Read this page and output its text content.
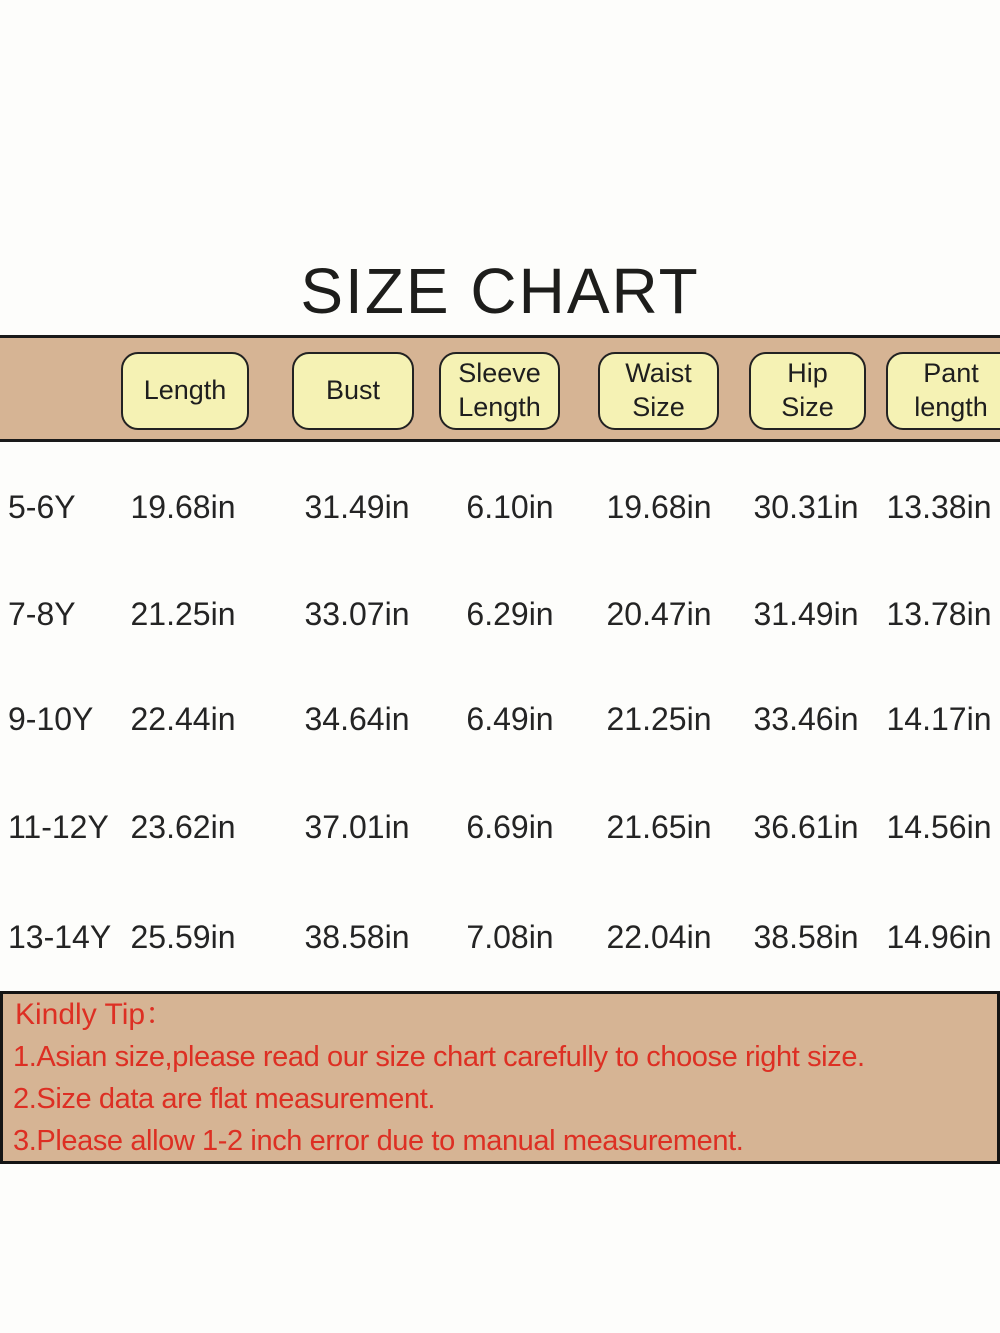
SIZE CHART
Length	Bust
Sleeve
Length
Waist
Size
Hip
Size
Pant
length
5-6Y 19.68in 31.49in 6.10in 19.68in 30.31in 13.38in
7-8Y 21.25in 33.07in 6.29in 20.47in 31.49in 13.78in
9-10Y 22.44in 34.64in 6.49in 21.25in 33.46in 14.17in
11-12Y 23.62in 37.01in 6.69in 21.65in 36.61in 14.56in
13-14Y 25.59in 38.58in 7.08in 22.04in 38.58in 14.96in
Kindly Tip：
1.Asian size,please read our size chart carefully to choose right size.
2.Size data are flat measurement.
3.Please allow 1-2 inch error due to manual measurement.
